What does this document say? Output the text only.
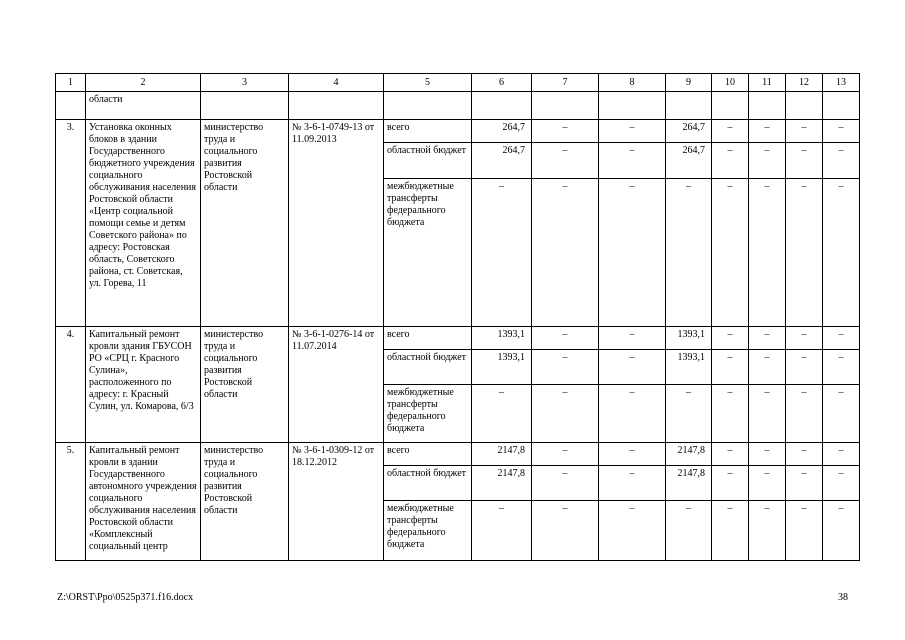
1	2	3	4	5	6	7	8	9	10	11	12	13
	области											
3.	Установка оконных блоков в здании Государственного бюджетного учреждения социального обслуживания населения Ростовской области «Центр социальной помощи семье и детям Советского района» по адресу: Ростовская область, Советского района, ст. Советская, ул. Горева, 11	министерство труда и социального развития Ростовской области	№ 3-6-1-0749-13 от 11.09.2013	всего	264,7	–	–	264,7	–	–	–	–
				областной бюджет	264,7	–	–	264,7	–	–	–	–
				межбюджетные трансферты федерального бюджета	–	–	–	–	–	–	–	–
4.	Капитальный ремонт кровли здания ГБУСОН РО «СРЦ г. Красного Сулина», расположенного по адресу: г. Красный Сулин, ул. Комарова, 6/3	министерство труда и социального развития Ростовской области	№ 3-6-1-0276-14 от 11.07.2014	всего	1393,1	–	–	1393,1	–	–	–	–
				областной бюджет	1393,1	–	–	1393,1	–	–	–	–
				межбюджетные трансферты федерального бюджета	–	–	–	–	–	–	–	–
5.	Капитальный ремонт кровли в здании Государственного автономного учреждения социального обслуживания населения Ростовской области «Комплексный социальный центр	министерство труда и социального развития Ростовской области	№ 3-6-1-0309-12 от 18.12.2012	всего	2147,8	–	–	2147,8	–	–	–	–
				областной бюджет	2147,8	–	–	2147,8	–	–	–	–
				межбюджетные трансферты федерального бюджета	–	–	–	–	–	–	–	–
Z:\ORST\Ppo\0525p371.f16.docx	38
